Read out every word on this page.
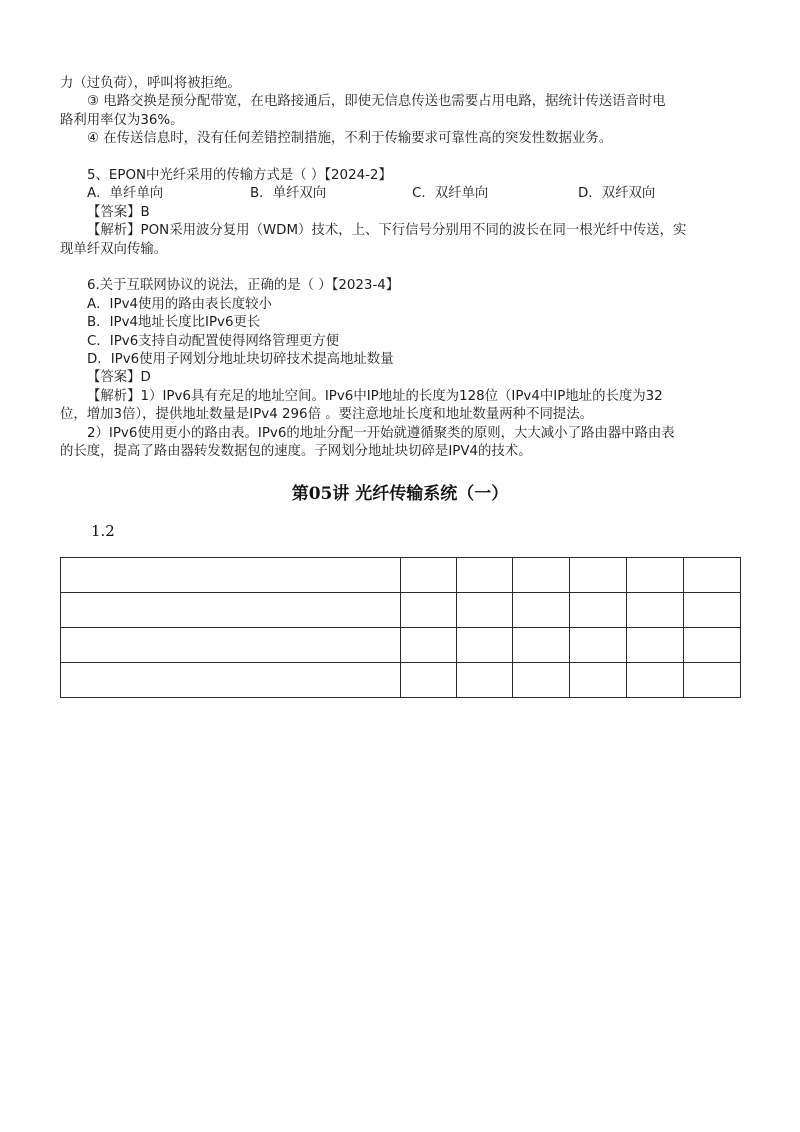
力（过负荷），呼叫将被拒绝。
③ 电路交换是预分配带宽，在电路接通后，即使无信息传送也需要占用电路，据统计传送语音时电
路利用率仅为36%。
④ 在传送信息时，没有任何差错控制措施，不利于传输要求可靠性高的突发性数据业务。
5、EPON中光纤采用的传输方式是（ ）【2024-2】
A．单纤单向	B．单纤双向	C．双纤单向	D．双纤双向
【答案】B
【解析】PON采用波分复用（WDM）技术，上、下行信号分别用不同的波长在同一根光纤中传送，实
现单纤双向传输。
6.关于互联网协议的说法，正确的是（ ）【2023-4】
A．IPv4使用的路由表长度较小
B．IPv4地址长度比IPv6更长
C．IPv6支持自动配置使得网络管理更方便
D．IPv6使用子网划分地址块切碎技术提高地址数量
【答案】D
【解析】1）IPv6具有充足的地址空间。IPv6中IP地址的长度为128位（IPv4中IP地址的长度为32
位，增加3倍），提供地址数量是IPv4 296倍 。要注意地址长度和地址数量两种不同提法。
2）IPv6使用更小的路由表。IPv6的地址分配一开始就遵循聚类的原则，大大减小了路由器中路由表
的长度，提高了路由器转发数据包的速度。子网划分地址块切碎是IPV4的技术。
第05讲 光纤传输系统（一）
1.2
